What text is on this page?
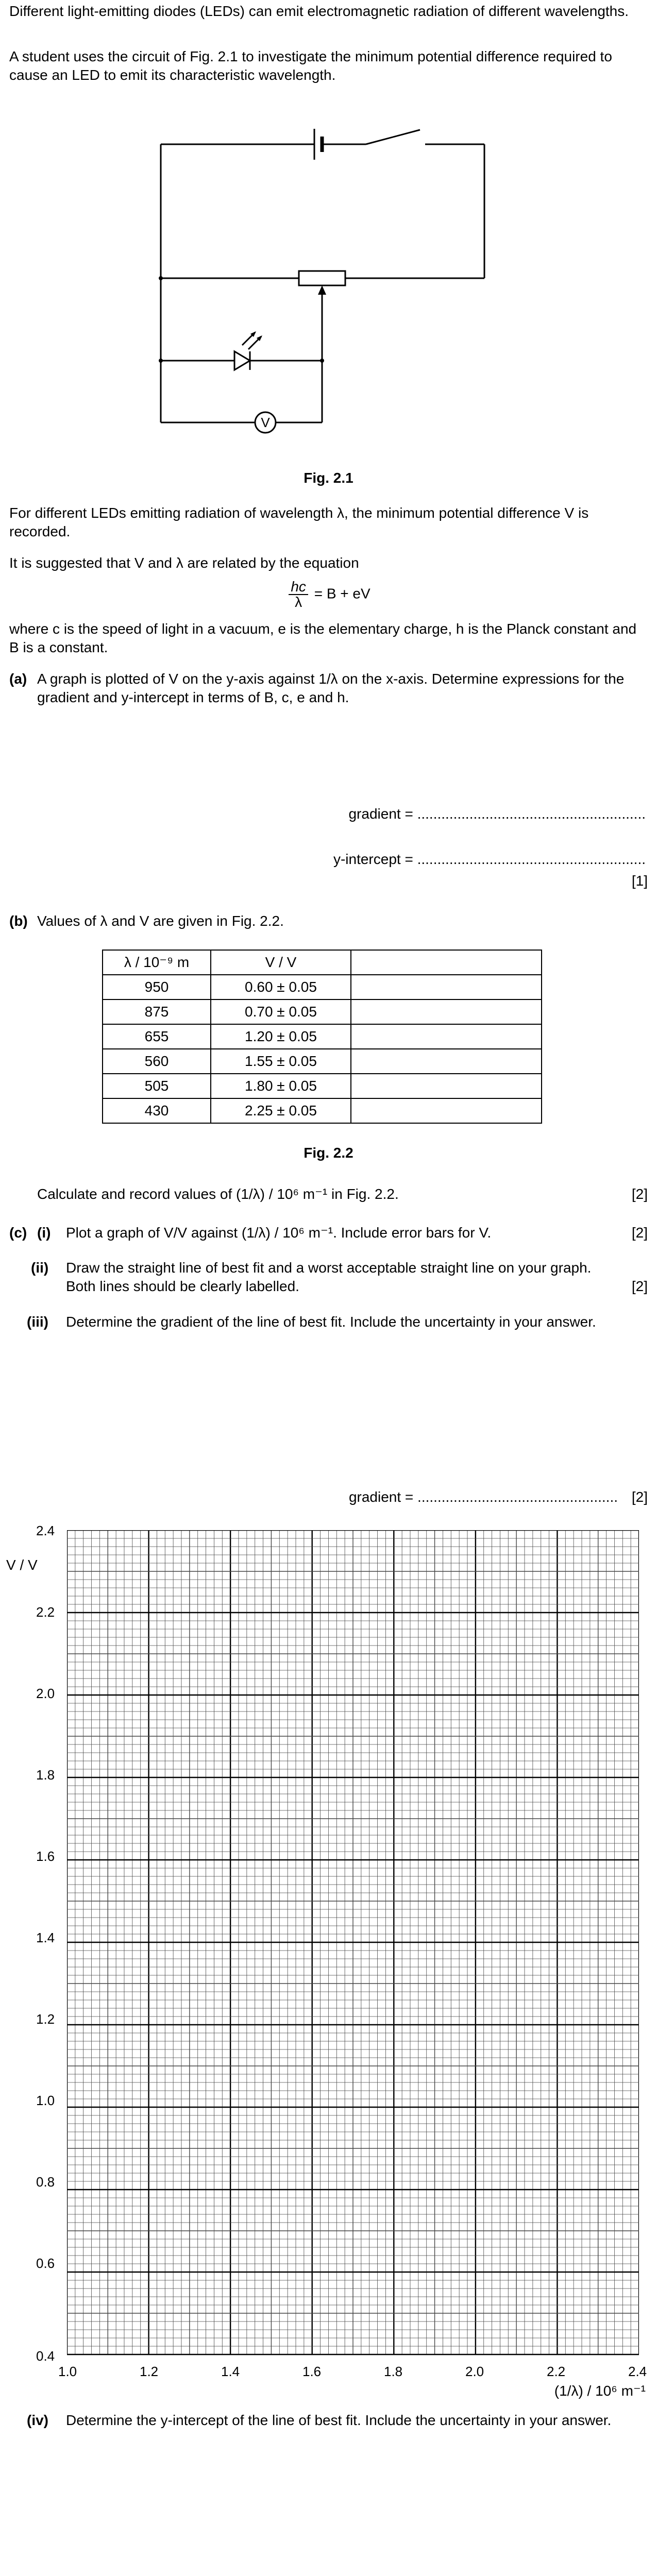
Different light-emitting diodes (LEDs) can emit electromagnetic radiation of different wavelengths.
A student uses the circuit of Fig. 2.1 to investigate the minimum potential difference required to cause an LED to emit its characteristic wavelength.
V
Fig. 2.1
For different LEDs emitting radiation of wavelength λ, the minimum potential difference V is recorded.
It is suggested that V and λ are related by the equation
$\frac{hc}{\lambda} = B$ + eV
where c is the speed of light in a vacuum, e is the elementary charge, h is the Planck constant and B is a constant.
(a) A graph is plotted of V on the y-axis against 1/λ on the x-axis. Determine expressions for the gradient and y-intercept in terms of B, c, e and h.
gradient = .........................................................
y-intercept = .........................................................
[1]
(b) Values of λ and V are given in Fig. 2.2.
λ / 10⁻⁹ m	V / V	
950	0.60 ± 0.05	
875	0.70 ± 0.05	
655	1.20 ± 0.05	
560	1.55 ± 0.05	
505	1.80 ± 0.05	
430	2.25 ± 0.05	
Fig. 2.2
Calculate and record values of (1/λ) / 10⁶ m⁻¹ in Fig. 2.2.	[2]
(c) (i) Plot a graph of V/V against (1/λ) / 10⁶ m⁻¹. Include error bars for V.	[2]
(ii) Draw the straight line of best fit and a worst acceptable straight line on your graph. Both lines should be clearly labelled.	[2]
(iii) Determine the gradient of the line of best fit. Include the uncertainty in your answer.
gradient = .................................................. [2]
V / V
2.4
2.2
2.0
1.8
1.6
1.4
1.2
1.0
0.8
0.6
0.4
1.0	1.2	1.4	1.6	1.8	2.0	2.2	2.4
(1/λ) / 10⁶ m⁻¹
(iv) Determine the y-intercept of the line of best fit. Include the uncertainty in your answer.
